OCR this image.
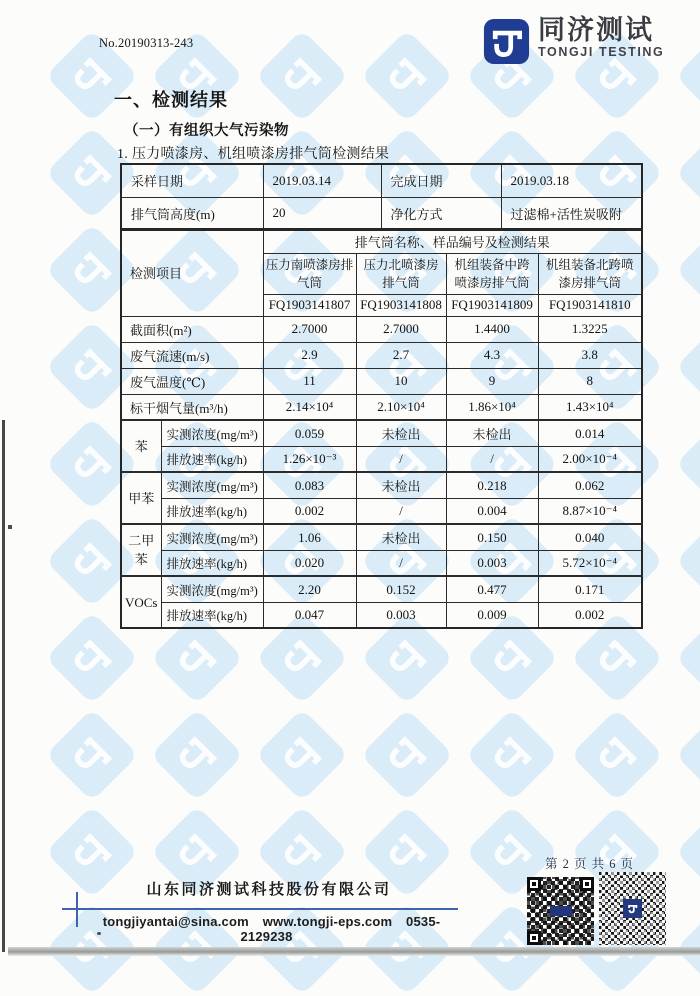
No.20190313-243	同济测试
TONGJI TESTING
一、检测结果
（一）有组织大气污染物
1. 压力喷漆房、机组喷漆房排气筒检测结果
采样日期	2019.03.14	完成日期	2019.03.18
排气筒高度(m)	20	净化方式	过滤棉+活性炭吸附
检测项目		排气筒名称、样品编号及检测结果			
		压力南喷漆房排气筒	压力北喷漆房排气筒	机组装备中跨喷漆房排气筒	机组装备北跨喷漆房排气筒
		FQ1903141807	FQ1903141808	FQ1903141809	FQ1903141810
截面积(m²)		2.7000	2.7000	1.4400	1.3225
废气流速(m/s)		2.9	2.7	4.3	3.8
废气温度(℃)		11	10	9	8
标干烟气量(m³/h)		2.14×10⁴	2.10×10⁴	1.86×10⁴	1.43×10⁴
苯	实测浓度(mg/m³)	0.059	未检出	未检出	0.014
	排放速率(kg/h)	1.26×10⁻³	/	/	2.00×10⁻⁴
甲苯	实测浓度(mg/m³)	0.083	未检出	0.218	0.062
	排放速率(kg/h)	0.002	/	0.004	8.87×10⁻⁴
二甲苯	实测浓度(mg/m³)	1.06	未检出	0.150	0.040
	排放速率(kg/h)	0.020	/	0.003	5.72×10⁻⁴
VOCs	实测浓度(mg/m³)	2.20	0.152	0.477	0.171
	排放速率(kg/h)	0.047	0.003	0.009	0.002
第 2 页 共 6 页
山东同济测试科技股份有限公司
tongjiyantai@sina.com www.tongji-eps.com 0535-2129238
